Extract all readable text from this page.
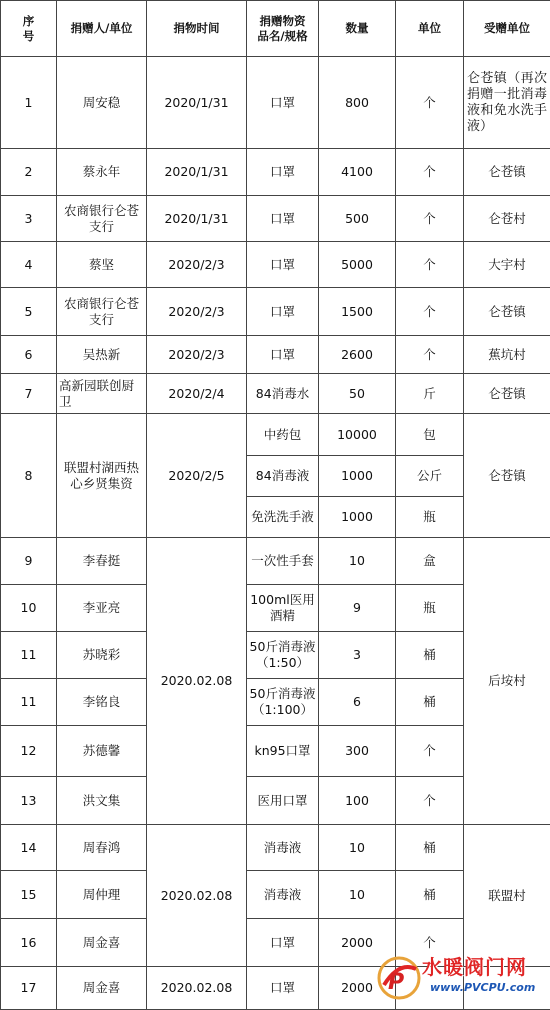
序
号	捐赠人/单位	捐物时间	捐赠物资
品名/规格	数量	单位	受赠单位
1	周安稳	2020/1/31	口罩	800	个	仑苍镇（再次捐赠一批消毒液和免水洗手液）
2	蔡永年	2020/1/31	口罩	4100	个	仑苍镇
3	农商银行仑苍
支行	2020/1/31	口罩	500	个	仑苍村
4	蔡坚	2020/2/3	口罩	5000	个	大宇村
5	农商银行仑苍
支行	2020/2/3	口罩	1500	个	仑苍镇
6	吴热新	2020/2/3	口罩	2600	个	蕉坑村
7	高新园联创厨
卫	2020/2/4	84消毒水	50	斤	仑苍镇
8	联盟村湖西热
心乡贤集资	2020/2/5	中药包	10000	包	仑苍镇
			84消毒液	1000	公斤	
			免洗洗手液	1000	瓶	
9	李春挺	2020.02.08	一次性手套	10	盒	后垵村
10	李亚亮		100ml医用
酒精	9	瓶	
11	苏晓彩		50斤消毒液
（1:50）	3	桶	
11	李铭良		50斤消毒液
（1:100）	6	桶	
12	苏德馨		kn95口罩	300	个	
13	洪文集		医用口罩	100	个	
14	周春鸿	2020.02.08	消毒液	10	桶	联盟村
15	周仲理		消毒液	10	桶	
16	周金喜		口罩	2000	个	
17	周金喜	2020.02.08	口罩	2000		P
水暖阀门网
www.PVCPU.com
